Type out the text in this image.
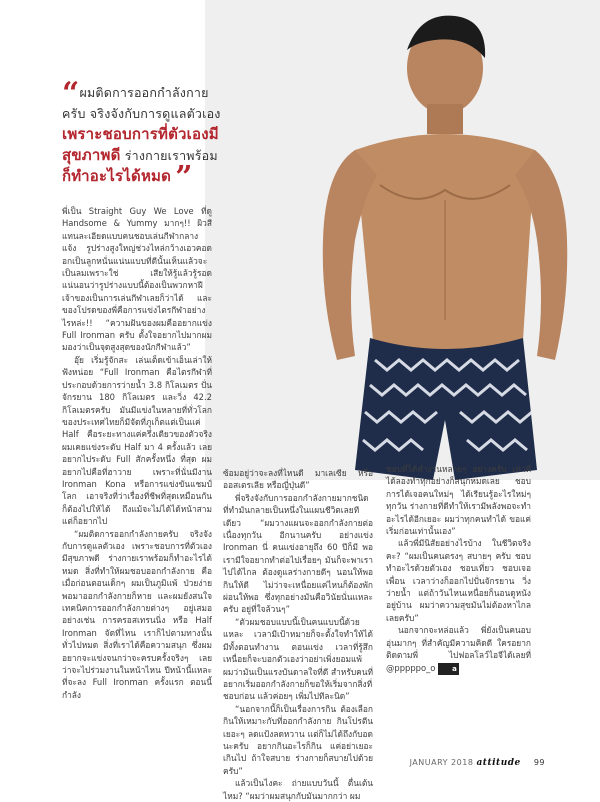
“ผมติดการออกกำลังกาย
ครับ จริงจังกับการดูแลตัวเอง
เพราะชอบการที่ตัวเองมี
สุขภาพดี ร่างกายเราพร้อม
ก็ทำอะไรได้หมด ”

พี่เป็น Straight Guy We Love ที่ดู Handsome & Yummy มากๆ!! ผิวสีแทนละเอียดแบบคนชอบเล่นกีฬากลางแจ้ง รูปร่างสูงใหญ่ช่วงไหล่กว้างเอวคอด อกเป็นลูกหนั่นแน่นแบบที่ดีนั้นเห็นแล้วจะเป็นลมเพราะใช่ เสียให้รู้แล้วรู้รอด แน่นอนว่ารูปร่างแบบนี้ต้องเป็นพวกหาฝีเจ้าของเป็นการเล่นกีฬาเลยก็ว่าได้ และของโปรดของพี่คือการแข่งไตรกีฬาอย่างไรหล่ะ!! “ความฝันของผมคืออยากแข่ง Full Ironman ครับ ตั้งใจอยากไปมากผมมองว่าเป็นจุดสูงสุดของนักกีฬาแล้ว”

อุ๊ย เริ่มรู้จักสะ เล่นเต็ดเข้าเอ็นเล่าให้ฟังหน่อย “Full Ironman คือไตรกีฬาที่ประกอบด้วยการว่ายน้ำ 3.8 กิโลเมตร ปั่นจักรยาน 180 กิโลเมตร และวิ่ง 42.2 กิโลเมตรครับ มันมีแข่งในหลายที่ทั่วโลกของประเทศไทยก็มีจัดที่ภูเก็ตแต่เป็นแค่ Half คือระยะทางแค่ครึ่งเดียวของตัวจริง ผมเคยแข่งระดับ Half มา 4 ครั้งแล้ว เลยอยากไประดับ Full สักครั้งหนึ่ง ที่สุด ผมอยากไปคือที่ฮาวาย เพราะที่นั่นมีงาน Ironman Kona หรือการแข่งขันแชมป์โลก เอาจริงที่ว่าเรื่องที่ชีพที่สุดเหมือนกัน ก็ต้องไปให้ได้ ถึงแม้จะไม่ได้ได้หน้าสามแต่ก็อยากไป

“ผมติดการออกกำลังกายครับ จริงจังกับการดูแลตัวเอง เพราะชอบการที่ตัวเองมีสุขภาพดี ร่างกายเราพร้อมก็ทำอะไรได้หมด สิ่งที่ทำให้ผมชอบออกกำลังกาย คือ เมื่อก่อนตอนเด็กๆ ผมเป็นภูมิแพ้ ป่วยง่าย พอมาออกกำลังกายก็หาย และผมยังสนใจเทคนิคการออกกำลังกายต่างๆ อยู่เสมอ อย่างเช่น การครอสเทรนนิ่ง หรือ Half Ironman จัดที่ไหน เราก็ไปตามทางนั้นทั่วไปหมด สิ่งที่เราได้คือความสนุก ซึ่งผมอยากจะแข่งจนกว่าจะครบครั้งจริงๆ เลย ว่าจะไปร่วมงานในหน้าไหน ปีหน้านี้แหละที่จะลง Full Ironman ครั้งแรก ตอนนี้กำลัง

ซ้อมอยู่ว่าจะลงที่ไหนดี มาเลเซีย หรือออสเตรเลีย หรือญี่ปุ่นดี”

พี่จริงจังกับการออกกำลังกายมากชนิดที่ทำมันกลายเป็นหนึ่งในแผนชีวิตเลยทีเดียว “ผมวางแผนจะออกกำลังกายต่อเนื่องทุกวัน อีกนานครับ อย่างแข่ง Ironman นี่ คนแข่งอายุถึง 60 ปีก็มี พอเรามีใจอยากทำต่อไปเรื่อยๆ มันก็จะพาเราไปได้ไกล ต้องดูแลร่างกายดีๆ นอนให้พอ กินให้ดี ไม่ว่าจะเหนื่อยแค่ไหนก็ต้องพักผ่อนให้พอ ซึ่งทุกอย่างมันคือวินัยนั่นแหละครับ อยู่ที่ใจล้วนๆ”

“ตัวผมชอบแบบนี้เป็นคนแบบนี้ด้วยแหละ เวลามีเป้าหมายก็จะตั้งใจทำให้ได้ มีทั้งตอนทำงาน ตอนแข่ง เวลาที่รู้สึกเหนื่อยก็จะบอกตัวเองว่าอย่าเพิ่งยอมแพ้ ผมว่ามันเป็นแรงบันดาลใจที่ดี สำหรับคนที่อยากเริ่มออกกำลังกายก็ขอให้เริ่มจากสิ่งที่ชอบก่อน แล้วค่อยๆ เพิ่มไปทีละนิด”

“นอกจากนี้ก็เป็นเรื่องการกิน ต้องเลือกกินให้เหมาะกับที่ออกกำลังกาย กินโปรตีนเยอะๆ ลดแป้งลดหวาน แต่ก็ไม่ได้ถึงกับอดนะครับ อยากกินอะไรก็กิน แค่อย่าเยอะเกินไป ถ้าใจสบาย ร่างกายก็สบายไปด้วยครับ”

แล้วเป็นไงคะ ถ่ายแบบวันนี้ ตื่นเต้นไหม? “ผมว่าผมสนุกกับมันมากกว่า ผม

ชอบที่ได้ทำงานหลายๆ อย่างครับ เท่าที่ได้ลองทำทุกอย่างก็สนุกหมดเลย ชอบการได้เจอคนใหม่ๆ ได้เรียนรู้อะไรใหม่ๆ ทุกวัน ร่างกายที่ดีทำให้เรามีพลังพอจะทำอะไรได้อีกเยอะ ผมว่าทุกคนทำได้ ขอแค่เริ่มก่อนเท่านั้นเอง”

แล้วพี่มีนิสัยอย่างไรบ้าง ในชีวิตจริงคะ? “ผมเป็นคนตรงๆ สบายๆ ครับ ชอบทำอะไรด้วยตัวเอง ชอบเที่ยว ชอบเจอเพื่อน เวลาว่างก็ออกไปปั่นจักรยาน วิ่ง ว่ายน้ำ แต่ถ้าวันไหนเหนื่อยก็นอนดูหนังอยู่บ้าน ผมว่าความสุขมันไม่ต้องหาไกลเลยครับ”

นอกจากจะหล่อแล้ว พี่ยังเป็นคนอบอุ่นมากๆ ที่สำคัญมีความคิดดี ใครอยากติดตามพี่ ไปฟอลโลว์ไอจีได้เลยที่ @pppppo_o a

JANUARY 2018 attitude 99
